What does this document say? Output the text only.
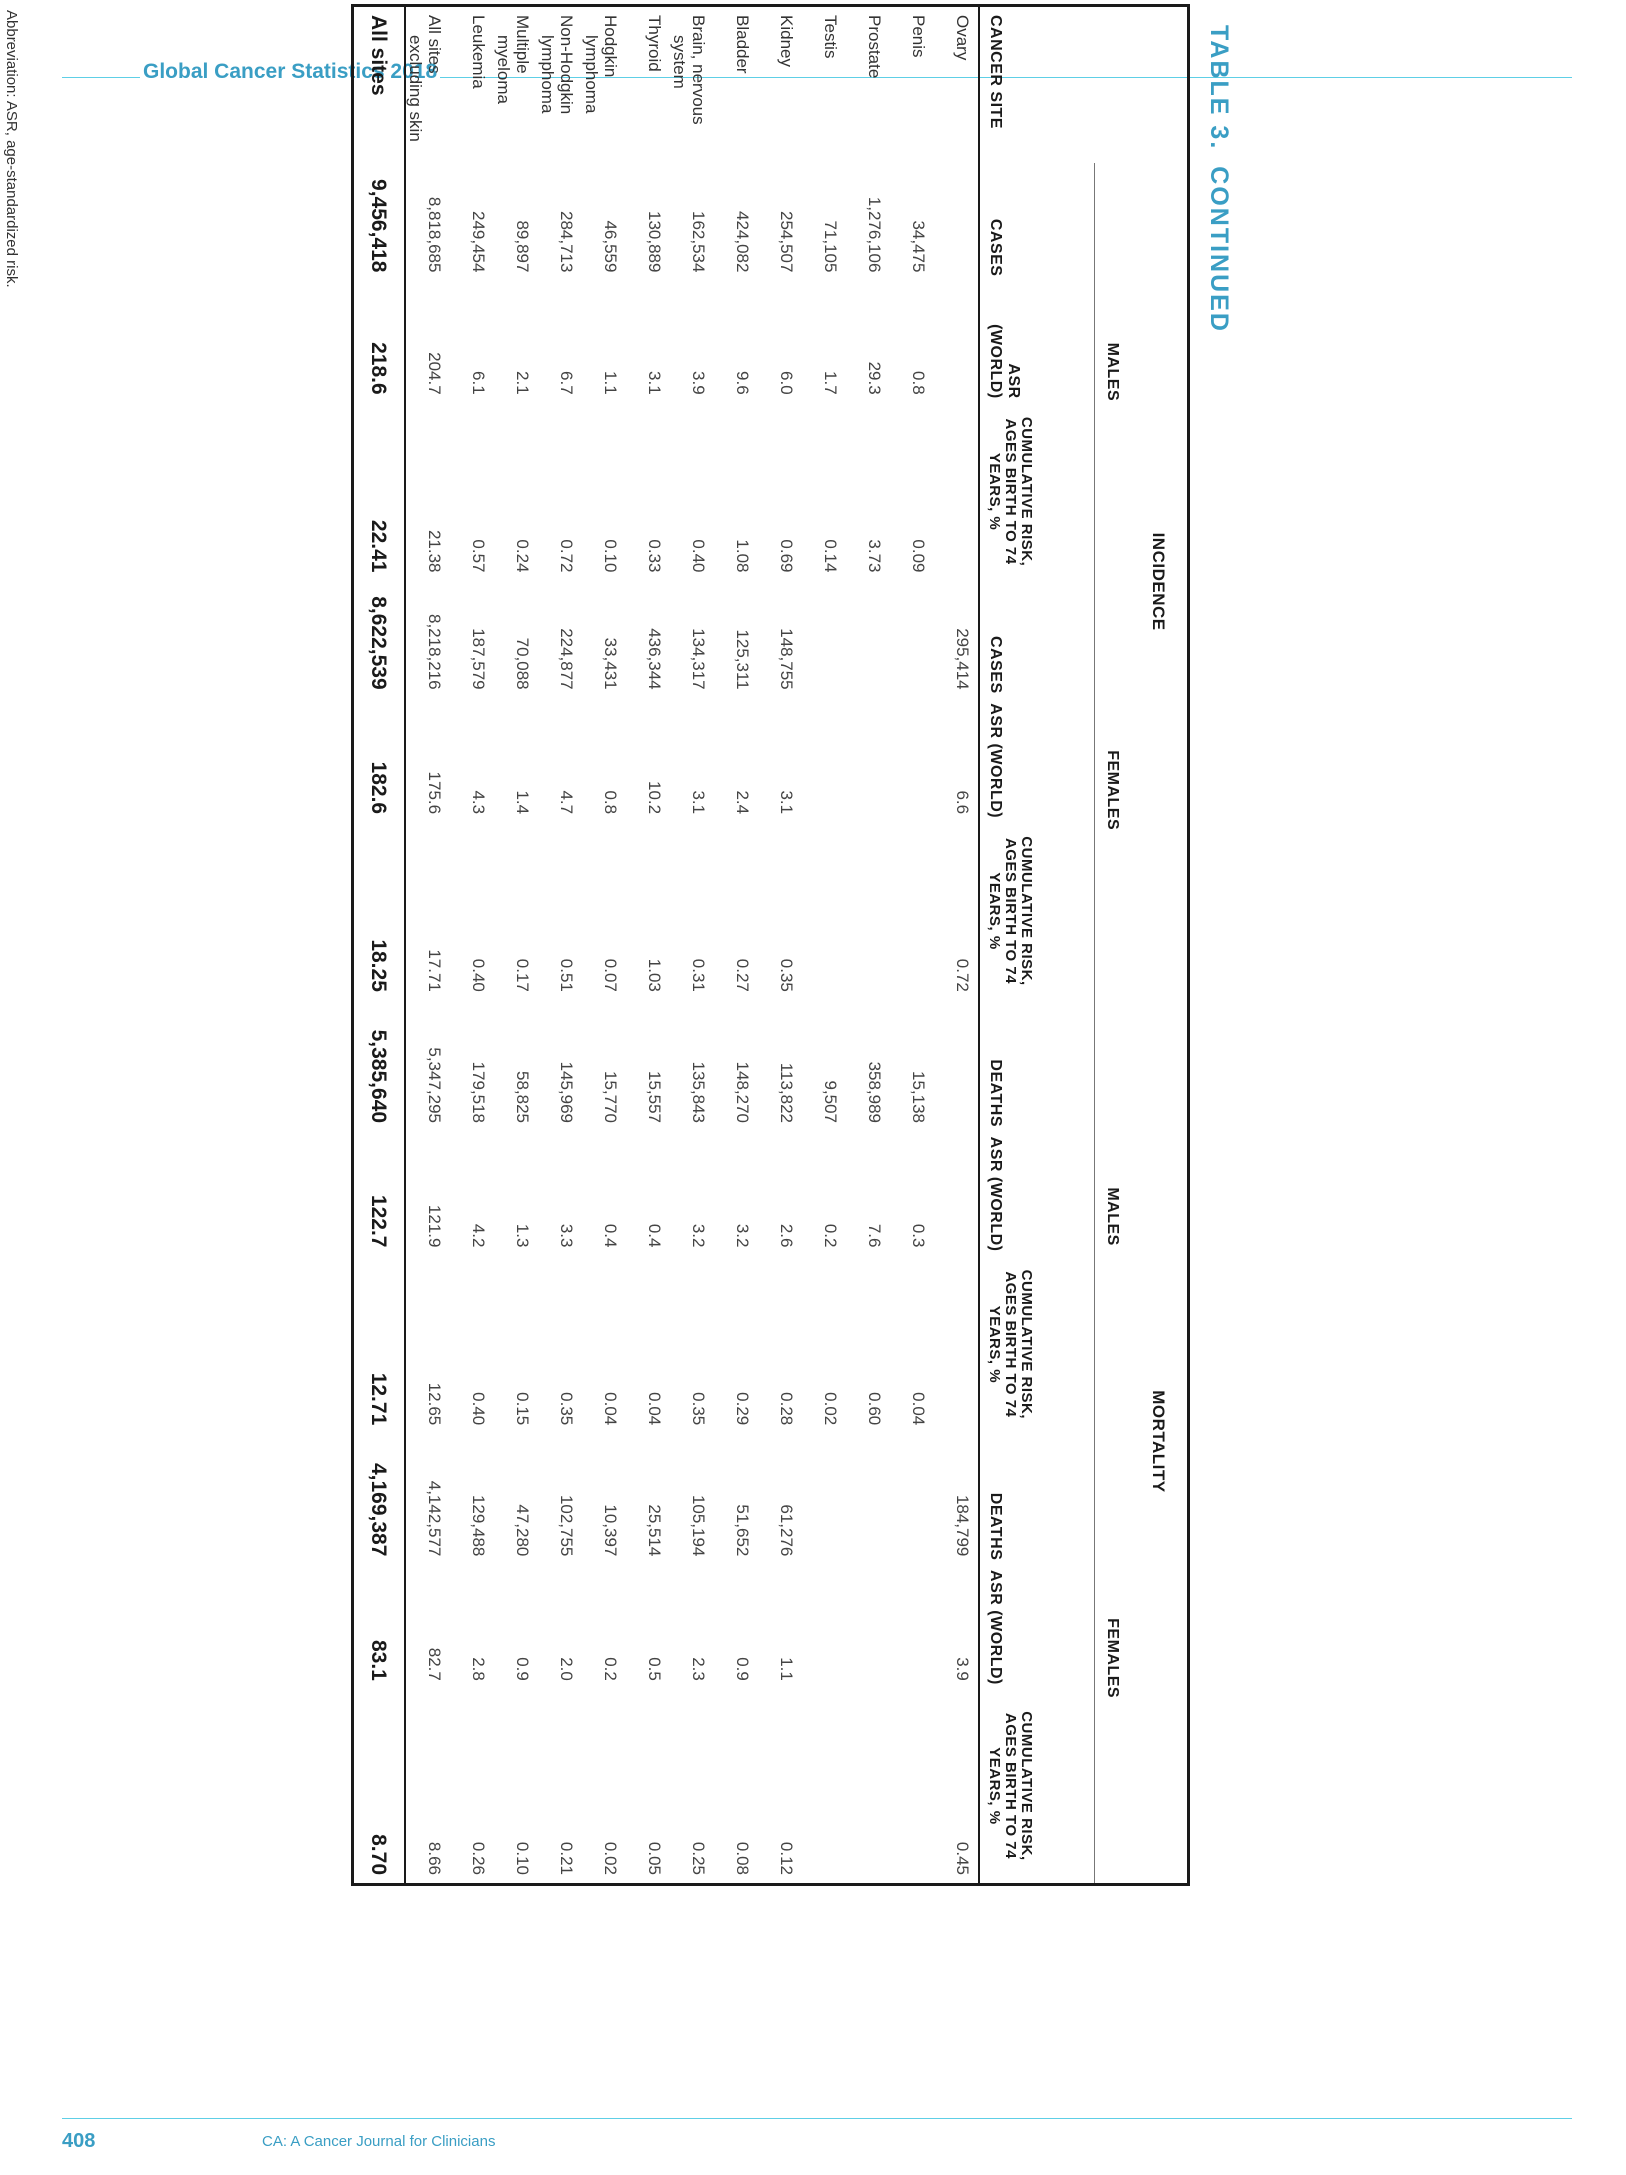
Global Cancer Statistics 2018	TABLE 3.CONTINUED
	INCIDENCE						MORTALITY					
	MALES			FEMALES			MALES			FEMALES		
CANCER SITE	CASES	ASR (WORLD)	CUMULATIVE RISK, AGES BIRTH TO 74 YEARS, %	CASES	ASR (WORLD)	CUMULATIVE RISK, AGES BIRTH TO 74 YEARS, %	DEATHS	ASR (WORLD)	CUMULATIVE RISK, AGES BIRTH TO 74 YEARS, %	DEATHS	ASR (WORLD)	CUMULATIVE RISK, AGES BIRTH TO 74 YEARS, %
Ovary				295,414	6.6	0.72				184,799	3.9	0.45
Penis	34,475	0.8	0.09				15,138	0.3	0.04			
Prostate	1,276,106	29.3	3.73				358,989	7.6	0.60			
Testis	71,105	1.7	0.14				9,507	0.2	0.02			
Kidney	254,507	6.0	0.69	148,755	3.1	0.35	113,822	2.6	0.28	61,276	1.1	0.12
Bladder	424,082	9.6	1.08	125,311	2.4	0.27	148,270	3.2	0.29	51,652	0.9	0.08
Brain, nervous
system	162,534	3.9	0.40	134,317	3.1	0.31	135,843	3.2	0.35	105,194	2.3	0.25
Thyroid	130,889	3.1	0.33	436,344	10.2	1.03	15,557	0.4	0.04	25,514	0.5	0.05
Hodgkin
lymphoma	46,559	1.1	0.10	33,431	0.8	0.07	15,770	0.4	0.04	10,397	0.2	0.02
Non-Hodgkin
lymphoma	284,713	6.7	0.72	224,877	4.7	0.51	145,969	3.3	0.35	102,755	2.0	0.21
Multiple
myeloma	89,897	2.1	0.24	70,088	1.4	0.17	58,825	1.3	0.15	47,280	0.9	0.10
Leukemia	249,454	6.1	0.57	187,579	4.3	0.40	179,518	4.2	0.40	129,488	2.8	0.26
All sites
excluding skin	8,818,685	204.7	21.38	8,218,216	175.6	17.71	5,347,295	121.9	12.65	4,142,577	82.7	8.66
All sites	9,456,418	218.6	22.41	8,622,539	182.6	18.25	5,385,640	122.7	12.71	4,169,387	83.1	8.70
Abbreviation: ASR, age-standardized risk.
408	CA: A Cancer Journal for Clinicians
